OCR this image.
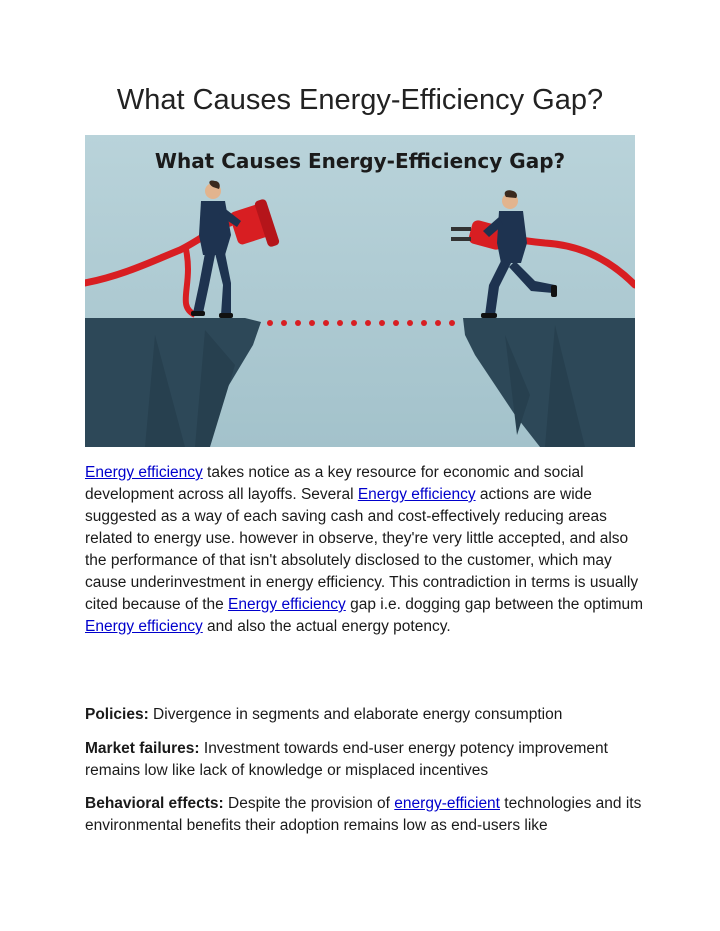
What Causes Energy-Efficiency Gap?
What Causes Energy-Efficiency Gap?

Energy efficiency takes notice as a key resource for economic and social development across all layoffs. Several Energy efficiency actions are wide suggested as a way of each saving cash and cost-effectively reducing areas related to energy use. however in observe, they're very little accepted, and also the performance of that isn't absolutely disclosed to the customer, which may cause underinvestment in energy efficiency. This contradiction in terms is usually cited because of the Energy efficiency gap i.e. dogging gap between the optimum Energy efficiency and also the actual energy potency.

Policies: Divergence in segments and elaborate energy consumption

Market failures: Investment towards end-user energy potency improvement remains low like lack of knowledge or misplaced incentives

Behavioral effects: Despite the provision of energy-efficient technologies and its environmental benefits their adoption remains low as end-users like
